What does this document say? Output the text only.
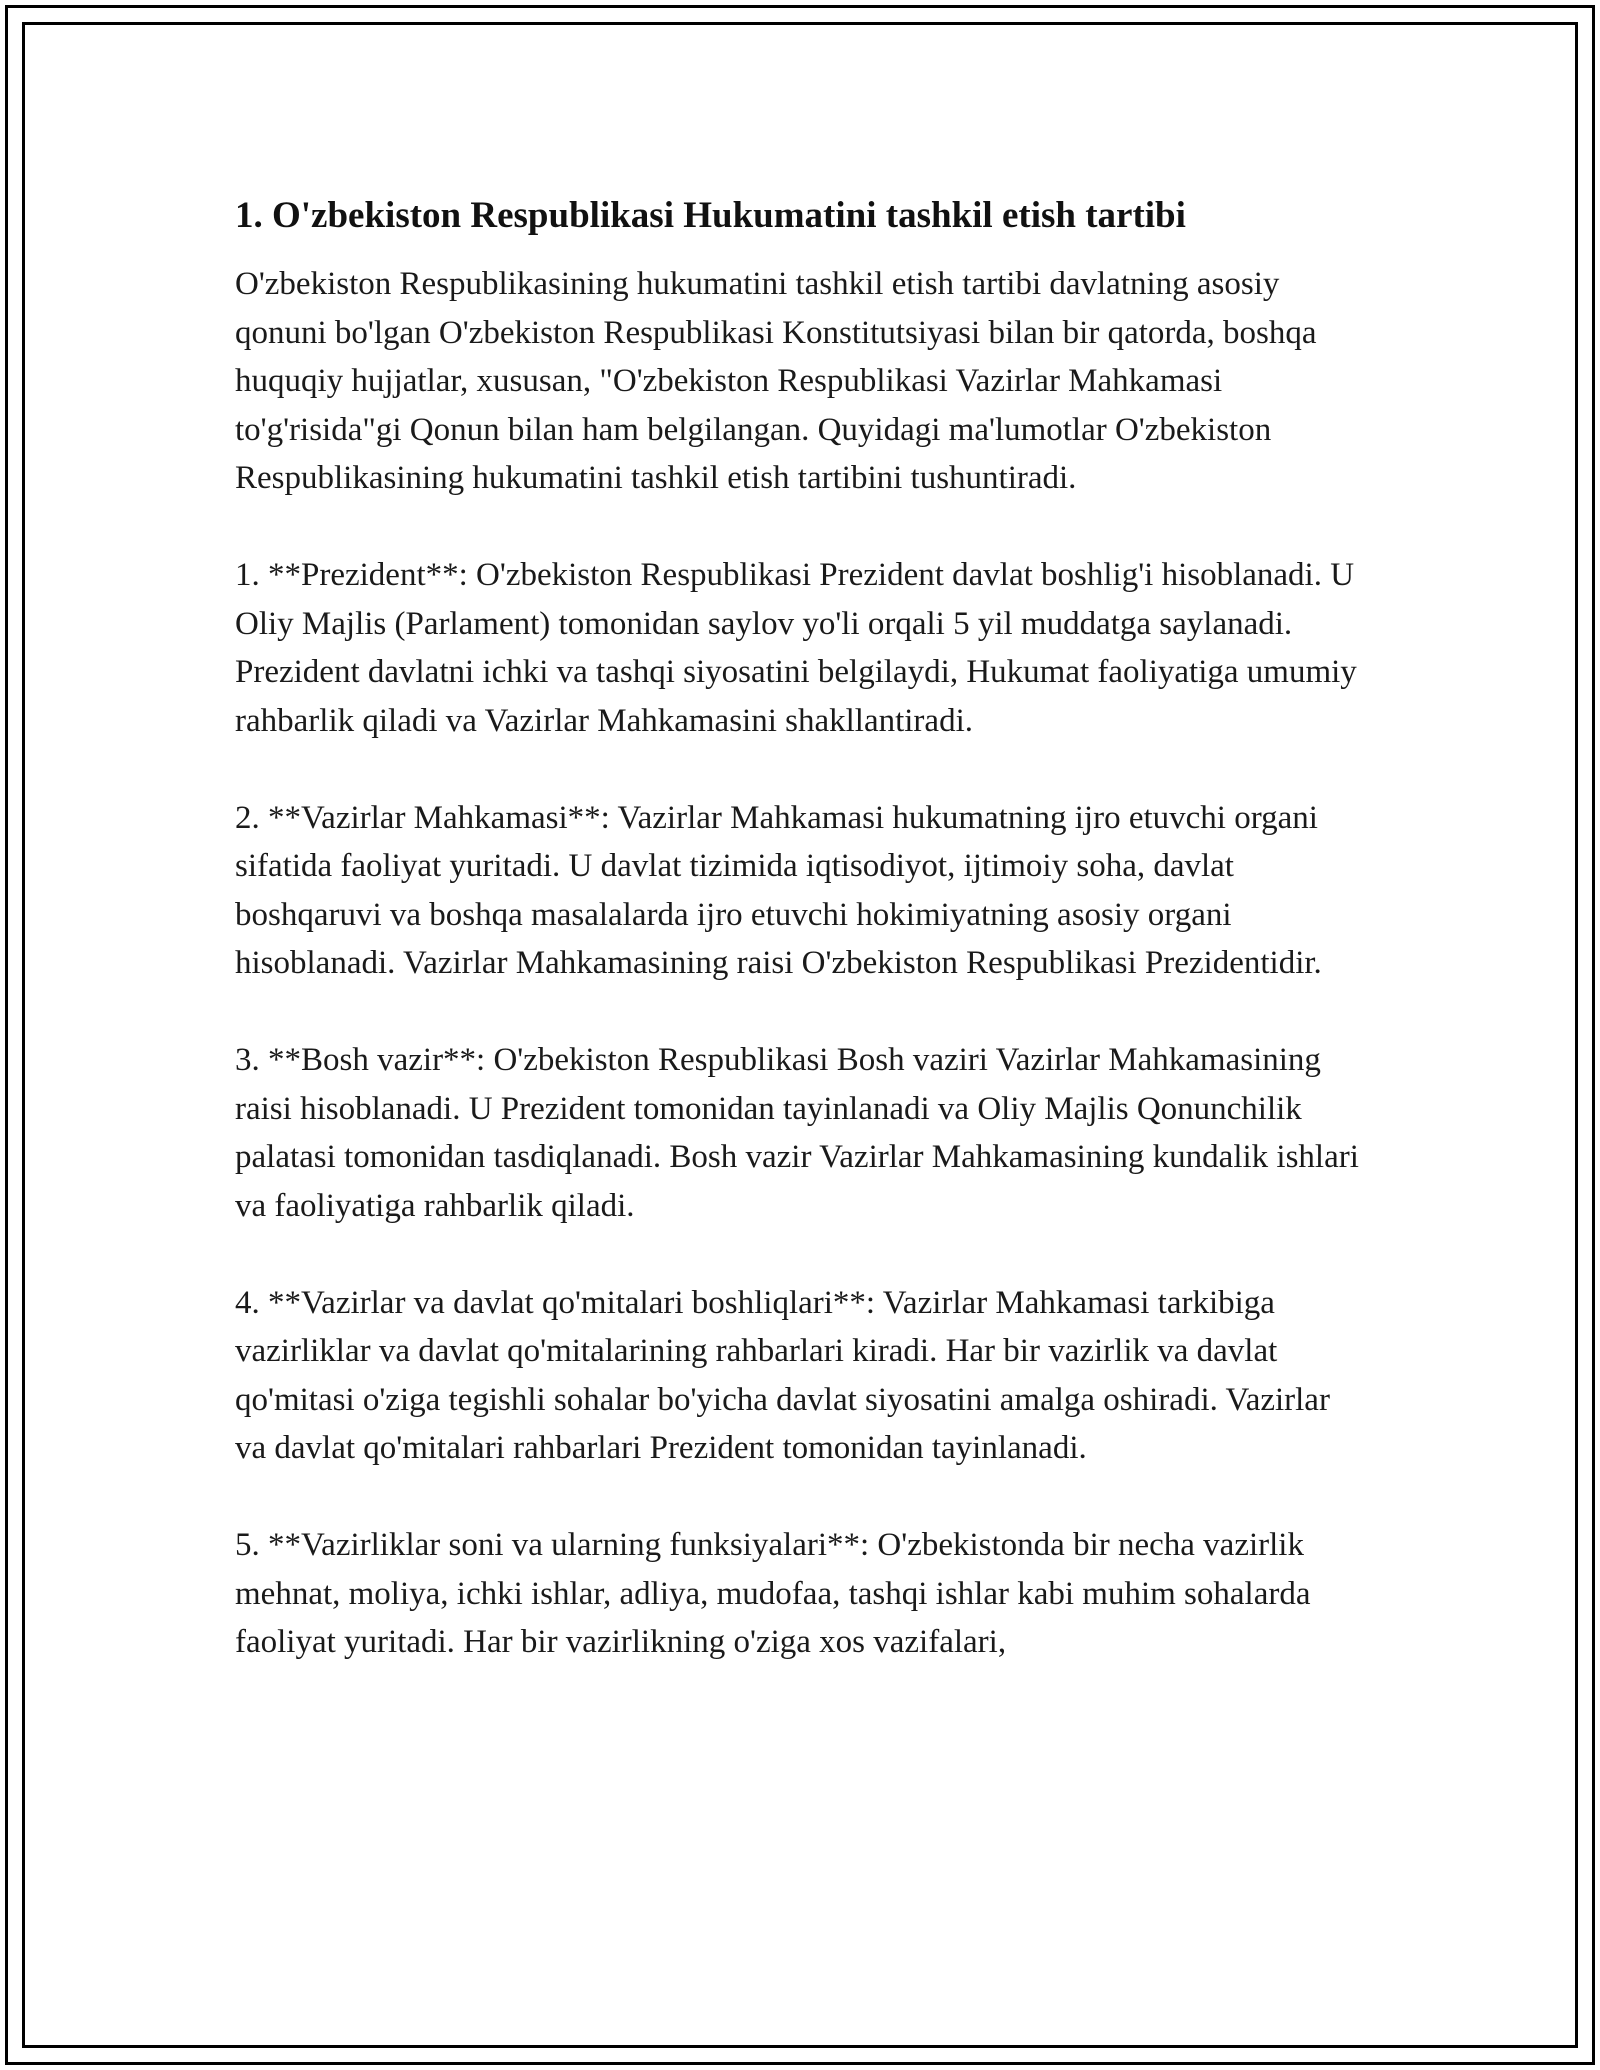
1. O'zbekiston Respublikasi Hukumatini tashkil etish tartibi

O'zbekiston Respublikasining hukumatini tashkil etish tartibi davlatning asosiy qonuni bo'lgan O'zbekiston Respublikasi Konstitutsiyasi bilan bir qatorda, boshqa huquqiy hujjatlar, xususan, "O'zbekiston Respublikasi Vazirlar Mahkamasi to'g'risida"gi Qonun bilan ham belgilangan. Quyidagi ma'lumotlar O'zbekiston Respublikasining hukumatini tashkil etish tartibini tushuntiradi.

1. **Prezident**: O'zbekiston Respublikasi Prezident davlat boshlig'i hisoblanadi. U Oliy Majlis (Parlament) tomonidan saylov yo'li orqali 5 yil muddatga saylanadi. Prezident davlatni ichki va tashqi siyosatini belgilaydi, Hukumat faoliyatiga umumiy rahbarlik qiladi va Vazirlar Mahkamasini shakllantiradi.

2. **Vazirlar Mahkamasi**: Vazirlar Mahkamasi hukumatning ijro etuvchi organi sifatida faoliyat yuritadi. U davlat tizimida iqtisodiyot, ijtimoiy soha, davlat boshqaruvi va boshqa masalalarda ijro etuvchi hokimiyatning asosiy organi hisoblanadi. Vazirlar Mahkamasining raisi O'zbekiston Respublikasi Prezidentidir.

3. **Bosh vazir**: O'zbekiston Respublikasi Bosh vaziri Vazirlar Mahkamasining raisi hisoblanadi. U Prezident tomonidan tayinlanadi va Oliy Majlis Qonunchilik palatasi tomonidan tasdiqlanadi. Bosh vazir Vazirlar Mahkamasining kundalik ishlari va faoliyatiga rahbarlik qiladi.

4. **Vazirlar va davlat qo'mitalari boshliqlari**: Vazirlar Mahkamasi tarkibiga vazirliklar va davlat qo'mitalarining rahbarlari kiradi. Har bir vazirlik va davlat qo'mitasi o'ziga tegishli sohalar bo'yicha davlat siyosatini amalga oshiradi. Vazirlar va davlat qo'mitalari rahbarlari Prezident tomonidan tayinlanadi.

5. **Vazirliklar soni va ularning funksiyalari**: O'zbekistonda bir necha vazirlik mehnat, moliya, ichki ishlar, adliya, mudofaa, tashqi ishlar kabi muhim sohalarda faoliyat yuritadi. Har bir vazirlikning o'ziga xos vazifalari,
